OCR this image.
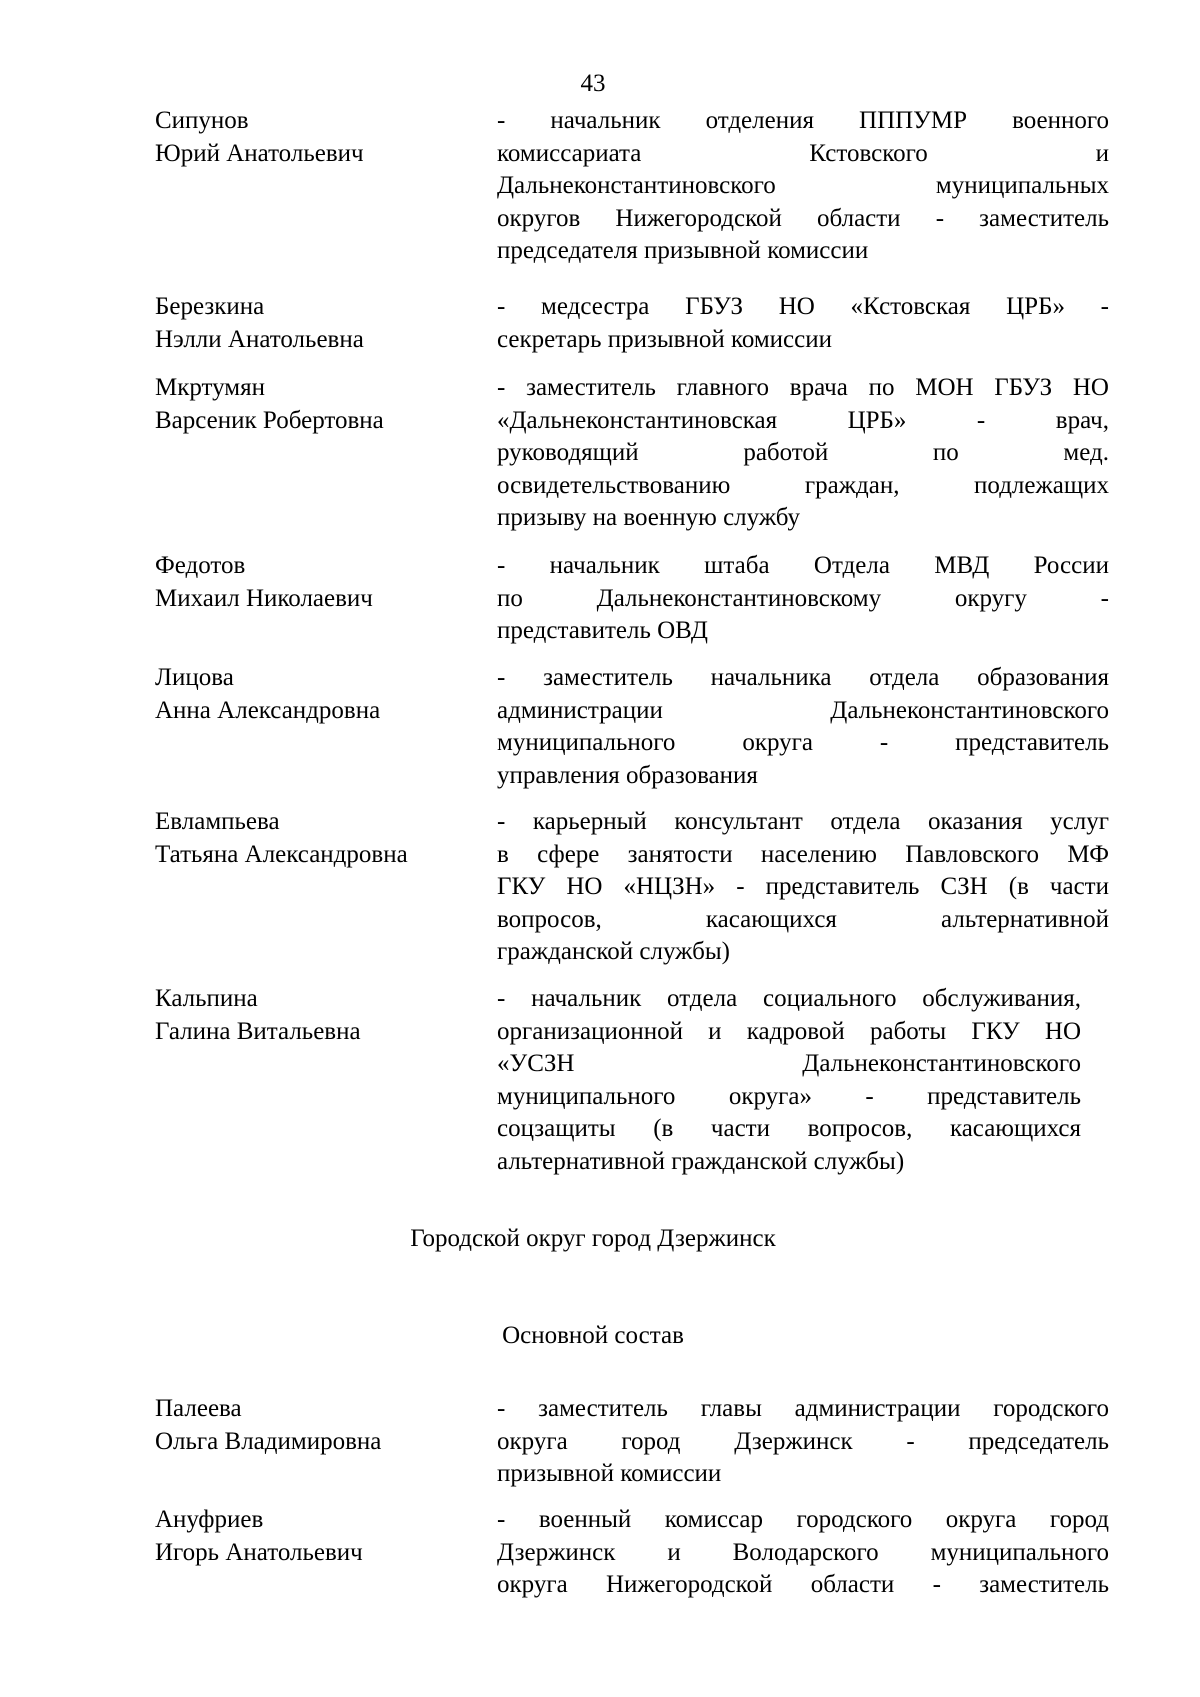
43
Сипунов
Юрий Анатольевич
- начальник отделения ПППУМР военного
комиссариата Кстовского и
Дальнеконстантиновского муниципальных
округов Нижегородской области - заместитель
председателя призывной комиссии
Березкина
Нэлли Анатольевна
- медсестра ГБУЗ НО «Кстовская ЦРБ» -
секретарь призывной комиссии
Мкртумян
Варсеник Робертовна
- заместитель главного врача по МОН ГБУЗ НО
«Дальнеконстантиновская ЦРБ» - врач,
руководящий работой по мед.
освидетельствованию граждан, подлежащих
призыву на военную службу
Федотов
Михаил Николаевич
- начальник штаба Отдела МВД России
по Дальнеконстантиновскому округу -
представитель ОВД
Лицова
Анна Александровна
- заместитель начальника отдела образования
администрации Дальнеконстантиновского
муниципального округа - представитель
управления образования
Евлампьева
Татьяна Александровна
- карьерный консультант отдела оказания услуг
в сфере занятости населению Павловского МФ
ГКУ НО «НЦЗН» - представитель СЗН (в части
вопросов, касающихся альтернативной
гражданской службы)
Кальпина
Галина Витальевна
- начальник отдела социального обслуживания,
организационной и кадровой работы ГКУ НО
«УСЗН Дальнеконстантиновского
муниципального округа» - представитель
соцзащиты (в части вопросов, касающихся
альтернативной гражданской службы)
Городской округ город Дзержинск
Основной состав
Палеева
Ольга Владимировна
- заместитель главы администрации городского
округа город Дзержинск - председатель
призывной комиссии
Ануфриев
Игорь Анатольевич
- военный комиссар городского округа город
Дзержинск и Володарского муниципального
округа Нижегородской области - заместитель
